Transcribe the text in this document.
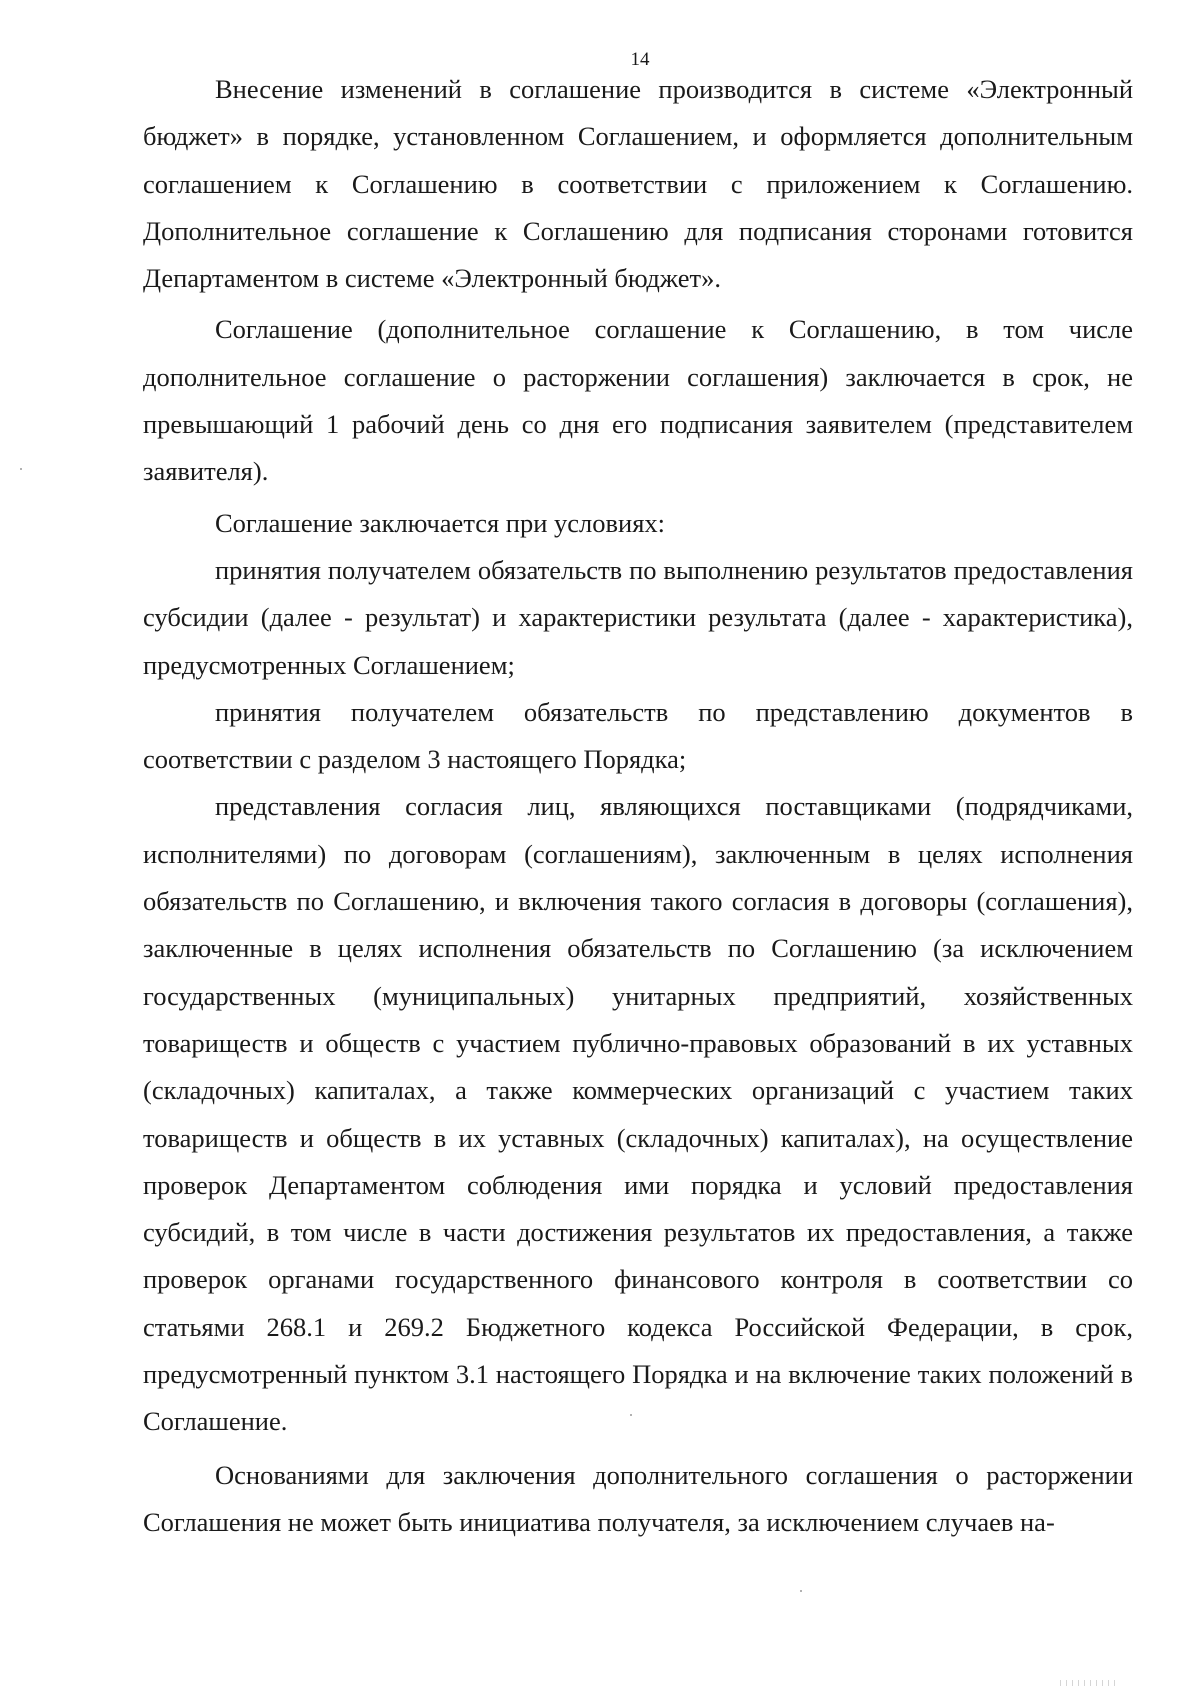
14

Внесение изменений в соглашение производится в системе «Электронный бюджет» в порядке, установленном Соглашением, и оформляется дополнительным соглашением к Соглашению в соответствии с приложением к Соглашению. Дополнительное соглашение к Соглашению для подписания сторонами готовится Департаментом в системе «Электронный бюджет».

Соглашение (дополнительное соглашение к Соглашению, в том числе дополнительное соглашение о расторжении соглашения) заключается в срок, не превышающий 1 рабочий день со дня его подписания заявителем (представителем заявителя).

Соглашение заключается при условиях:

принятия получателем обязательств по выполнению результатов предоставления субсидии (далее - результат) и характеристики результата (далее - характеристика), предусмотренных Соглашением;

принятия получателем обязательств по представлению документов в соответствии с разделом 3 настоящего Порядка;

представления согласия лиц, являющихся поставщиками (подрядчиками, исполнителями) по договорам (соглашениям), заключенным в целях исполнения обязательств по Соглашению, и включения такого согласия в договоры (соглашения), заключенные в целях исполнения обязательств по Соглашению (за исключением государственных (муниципальных) унитарных предприятий, хозяйственных товариществ и обществ с участием публично-правовых образований в их уставных (складочных) капиталах, а также коммерческих организаций с участием таких товариществ и обществ в их уставных (складочных) капиталах), на осуществление проверок Департаментом соблюдения ими порядка и условий предоставления субсидий, в том числе в части достижения результатов их предоставления, а также проверок органами государственного финансового контроля в соответствии со статьями 268.1 и 269.2 Бюджетного кодекса Российской Федерации, в срок, предусмотренный пунктом 3.1 настоящего Порядка и на включение таких положений в Соглашение.

Основаниями для заключения дополнительного соглашения о расторжении Соглашения не может быть инициатива получателя, за исключением случаев на-
